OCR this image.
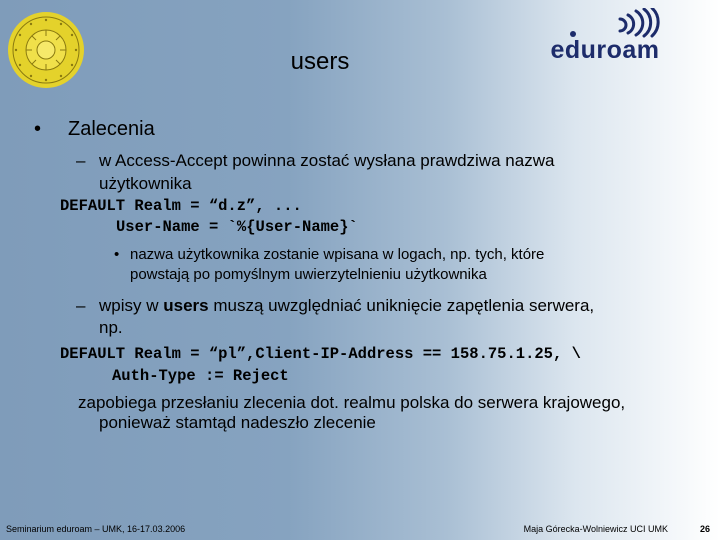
eduroam
users
• Zalecenia
– w Access-Accept powinna zostać wysłana prawdziwa nazwa
użytkownika
DEFAULT Realm = “d.z”, ...
User-Name = `%{User-Name}`
• nazwa użytkownika zostanie wpisana w logach, np. tych, które
powstają po pomyślnym uwierzytelnieniu użytkownika
– wpisy w users muszą uwzględniać uniknięcie zapętlenia serwera,
np.
DEFAULT Realm = “pl”,Client-IP-Address == 158.75.1.25, \
Auth-Type := Reject
zapobiega przesłaniu zlecenia dot. realmu polska do serwera krajowego,
ponieważ stamtąd nadeszło zlecenie
Seminarium eduroam – UMK, 16-17.03.2006	Maja Górecka-Wolniewicz UCI UMK	26
